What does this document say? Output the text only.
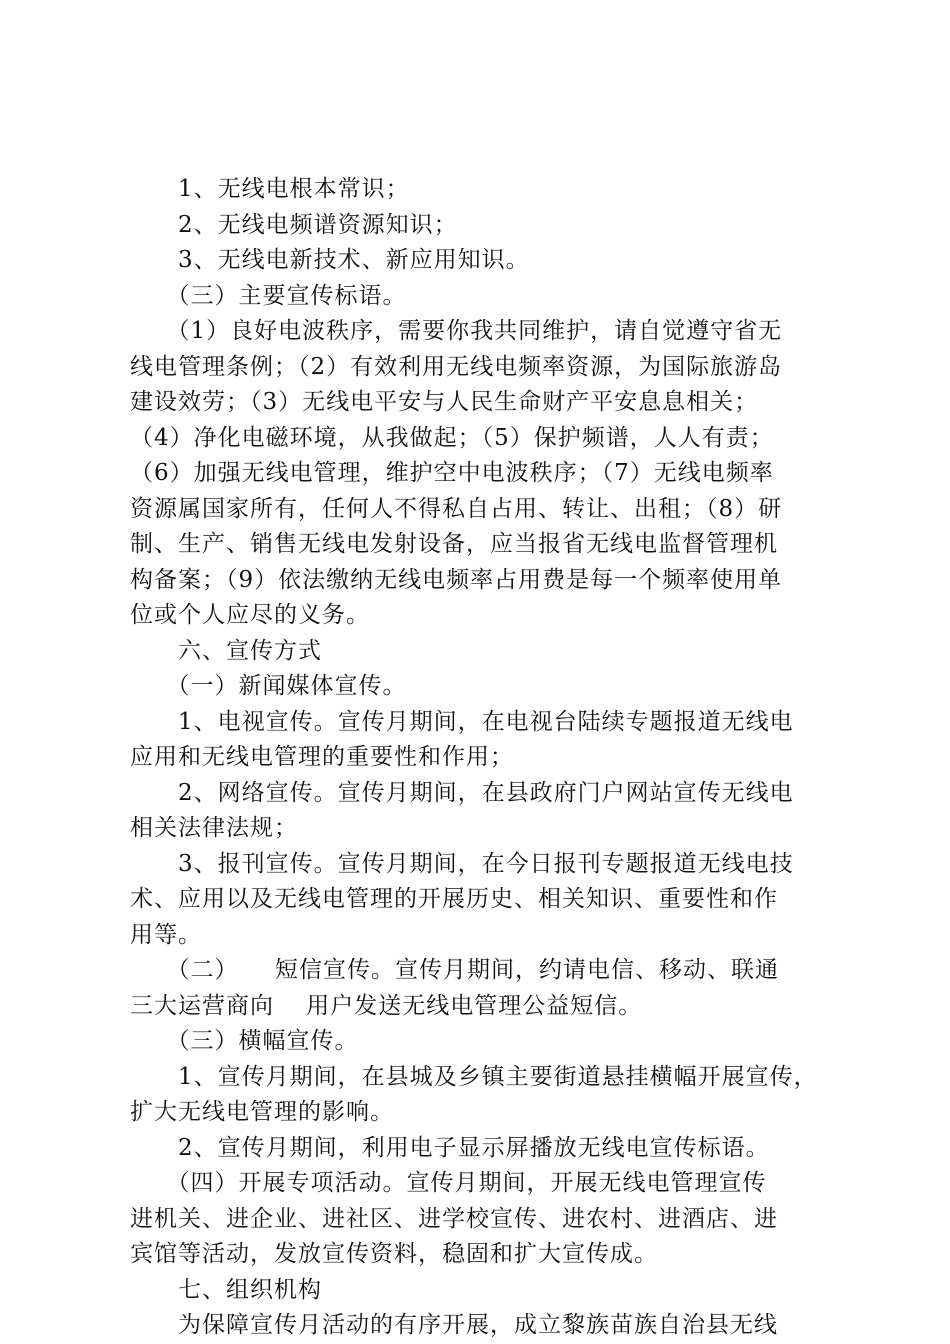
　　1、无线电根本常识；

　　2、无线电频谱资源知识；

　　3、无线电新技术、新应用知识。

　　（三）主要宣传标语。

　　（1）良好电波秩序，需要你我共同维护，请自觉遵守省无

线电管理条例；（2）有效利用无线电频率资源，为国际旅游岛

建设效劳；（3）无线电平安与人民生命财产平安息息相关；

（4）净化电磁环境，从我做起；（5）保护频谱，人人有责；

（6）加强无线电管理，维护空中电波秩序；（7）无线电频率

资源属国家所有，任何人不得私自占用、转让、出租；（8）研

制、生产、销售无线电发射设备，应当报省无线电监督管理机

构备案；（9）依法缴纳无线电频率占用费是每一个频率使用单

位或个人应尽的义务。

　　六、宣传方式

　　（一）新闻媒体宣传。

　　1、电视宣传。宣传月期间，在电视台陆续专题报道无线电

应用和无线电管理的重要性和作用；

　　2、网络宣传。宣传月期间，在县政府门户网站宣传无线电

相关法律法规；

　　3、报刊宣传。宣传月期间，在今日报刊专题报道无线电技

术、应用以及无线电管理的开展历史、相关知识、重要性和作

用等。

　　（二）　　短信宣传。宣传月期间，约请电信、移动、联通

三大运营商向　 用户发送无线电管理公益短信。

　　（三）横幅宣传。

　　1、宣传月期间，在县城及乡镇主要街道悬挂横幅开展宣传，

扩大无线电管理的影响。

　　2、宣传月期间，利用电子显示屏播放无线电宣传标语。

　　（四）开展专项活动。宣传月期间，开展无线电管理宣传

进机关、进企业、进社区、进学校宣传、进农村、进酒店、进

宾馆等活动，发放宣传资料，稳固和扩大宣传成。

　　七、组织机构

　　为保障宣传月活动的有序开展，成立黎族苗族自治县无线
